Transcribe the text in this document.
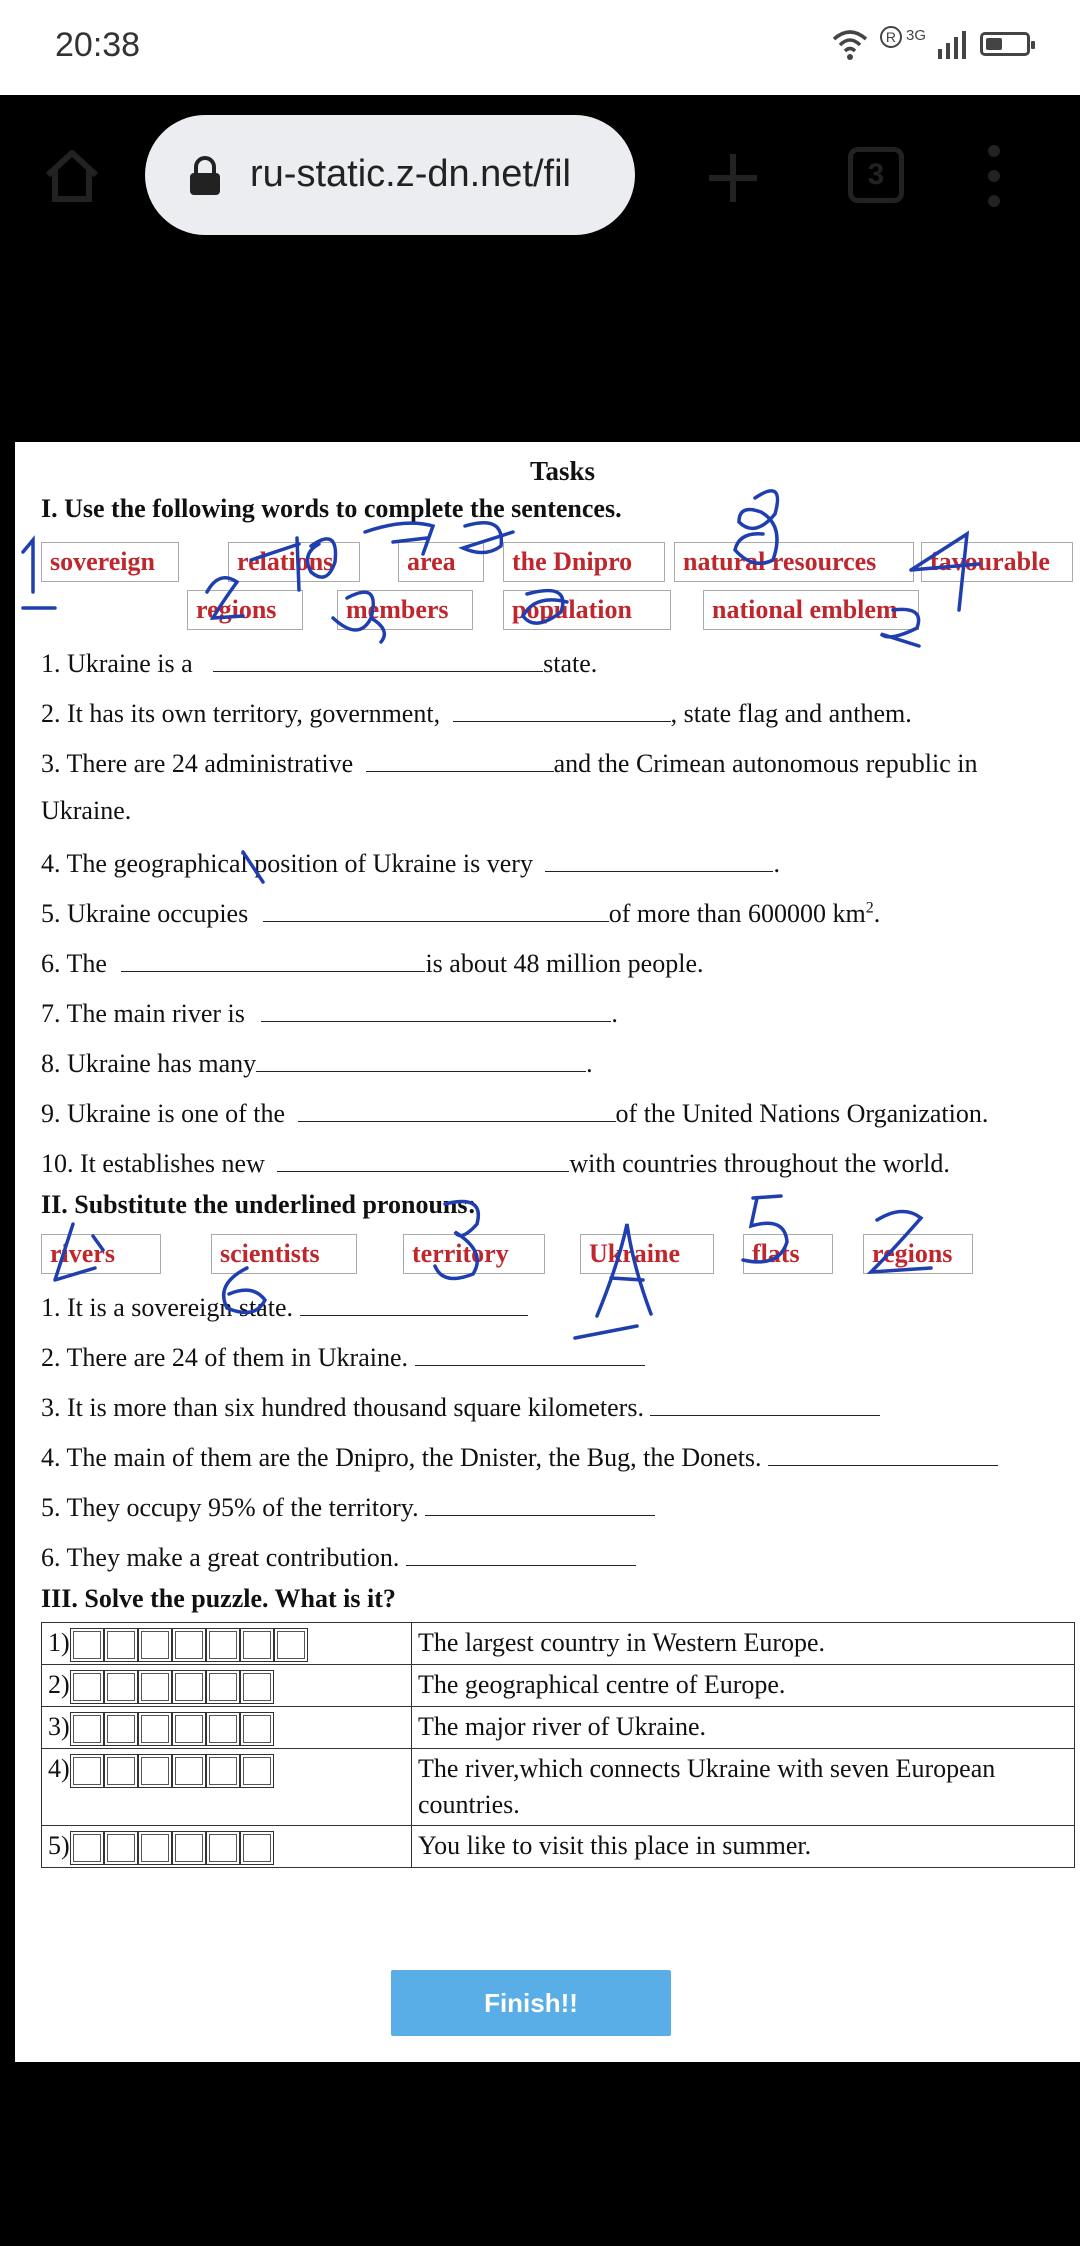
20:38	R 3G
ru-static.z-dn.net/fil	3
Tasks
I. Use the following words to complete the sentences.
sovereign	relations	area	the Dnipro	natural resources	favourable
regions	members	population	national emblem
1. Ukraine is a	state.
2. It has its own territory, government,	, state flag and anthem.
3. There are 24 administrative	and the Crimean autonomous republic in
Ukraine.
4. The geographical position of Ukraine is very	.
5. Ukraine occupies	of more than 600000 $km^2$.
6. The	is about 48 million people.
7. The main river is	.
8. Ukraine has many	.
9. Ukraine is one of the	of the United Nations Organization.
10. It establishes new	with countries throughout the world.
II. Substitute the underlined pronouns:
rivers	scientists	territory	Ukraine	flats	regions
1. It is a sovereign state.
2. There are 24 of them in Ukraine.
3. It is more than six hundred thousand square kilometers.
4. The main of them are the Dnipro, the Dnister, the Bug, the Donets.
5. They occupy 95% of the territory.
6. They make a great contribution.
III. Solve the puzzle. What is it?
1)	The largest country in Western Europe.
2)	The geographical centre of Europe.
3)	The major river of Ukraine.
4)	The river,which connects Ukraine with seven European countries.
5)	You like to visit this place in summer.
Finish!!
